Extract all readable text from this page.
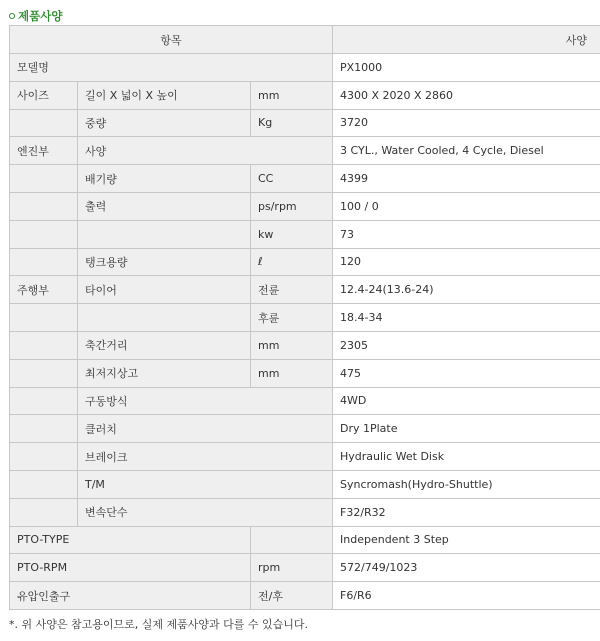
제품사양
항목			사양
모델명			PX1000
사이즈	길이 X 넓이 X 높이	mm	4300 X 2020 X 2860
	중량	Kg	3720
엔진부	사양		3 CYL., Water Cooled, 4 Cycle, Diesel
	배기량	CC	4399
	출력	ps/rpm	100 / 0
		kw	73
	탱크용량	ℓ	120
주행부	타이어	전륜	12.4-24(13.6-24)
		후륜	18.4-34
	축간거리	mm	2305
	최저지상고	mm	475
	구동방식		4WD
	클러치		Dry 1Plate
	브레이크		Hydraulic Wet Disk
	T/M		Syncromash(Hydro-Shuttle)
	변속단수		F32/R32
PTO-TYPE			Independent 3 Step
PTO-RPM		rpm	572/749/1023
유압인출구		전/후	F6/R6
*. 위 사양은 참고용이므로, 실제 제품사양과 다를 수 있습니다.
